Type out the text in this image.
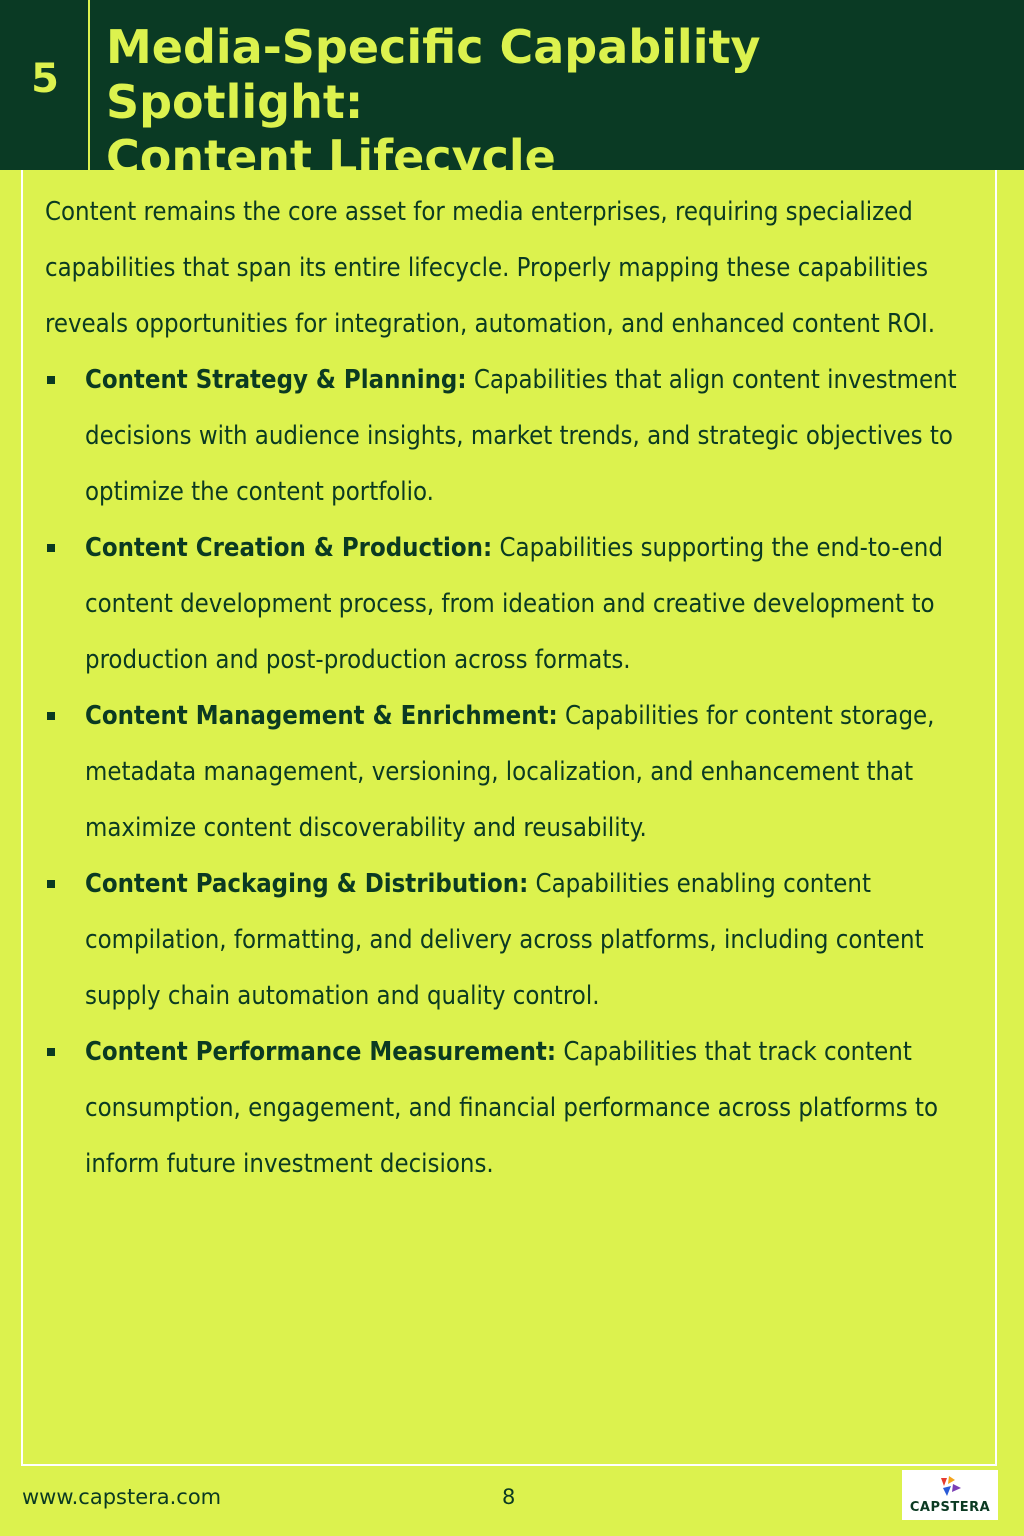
5
Media-Specific Capability Spotlight:
Content Lifecycle

Content remains the core asset for media enterprises, requiring specialized capabilities that span its entire lifecycle. Properly mapping these capabilities reveals opportunities for integration, automation, and enhanced content ROI.

Content Strategy & Planning: Capabilities that align content investment decisions with audience insights, market trends, and strategic objectives to optimize the content portfolio.
Content Creation & Production: Capabilities supporting the end-to-end content development process, from ideation and creative development to production and post-production across formats.
Content Management & Enrichment: Capabilities for content storage, metadata management, versioning, localization, and enhancement that maximize content discoverability and reusability.
Content Packaging & Distribution: Capabilities enabling content compilation, formatting, and delivery across platforms, including content supply chain automation and quality control.
Content Performance Measurement: Capabilities that track content consumption, engagement, and financial performance across platforms to inform future investment decisions.
www.capstera.com	8	CAPSTERA
